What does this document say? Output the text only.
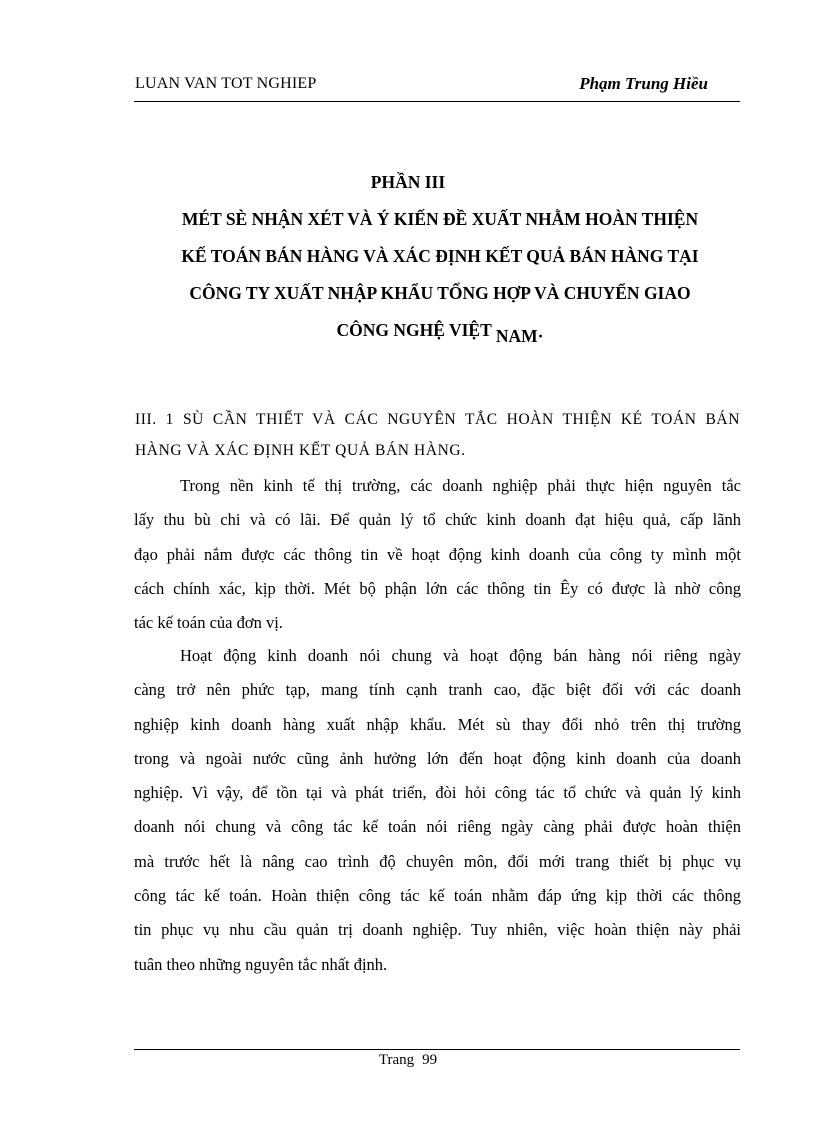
LUAN VAN TOT NGHIEP	Phạm Trung Hiều
PHẦN III
MÉT SÈ NHẬN XÉT VÀ Ý KIẾN ĐỀ XUẤT NHẰM HOÀN THIỆN
KẾ TOÁN BÁN HÀNG VÀ XÁC ĐỊNH KẾT QUẢ BÁN HÀNG TẠI
CÔNG TY XUẤT NHẬP KHẨU TỔNG HỢP VÀ CHUYỂN GIAO
CÔNG NGHỆ VIỆT NAM·
III. 1 SÙ CẦN THIẾT VÀ CÁC NGUYÊN TẮC HOÀN THIỆN KÉ TOÁN BÁN
HÀNG VÀ XÁC ĐỊNH KẾT QUẢ BÁN HÀNG.
Trong nền kinh tế thị trường, các doanh nghiệp phải thực hiện nguyên tắc
lấy thu bù chi và có lãi. Để quản lý tổ chức kinh doanh đạt hiệu quả, cấp lãnh
đạo phải nắm được các thông tin về hoạt động kinh doanh của công ty mình một
cách chính xác, kịp thời. Mét bộ phận lớn các thông tin Êy có được là nhờ công
tác kế toán của đơn vị.
Hoạt động kinh doanh nói chung và hoạt động bán hàng nói riêng ngày
càng trở nên phức tạp, mang tính cạnh tranh cao, đặc biệt đối với các doanh
nghiệp kinh doanh hàng xuất nhập khẩu. Mét sù thay đổi nhỏ trên thị trường
trong và ngoài nước cũng ảnh hưởng lớn đến hoạt động kinh doanh của doanh
nghiệp. Vì vậy, để tồn tại và phát triển, đòi hỏi công tác tổ chức và quản lý kinh
doanh nói chung và công tác kế toán nói riêng ngày càng phải được hoàn thiện
mà trước hết là nâng cao trình độ chuyên môn, đổi mới trang thiết bị phục vụ
công tác kế toán. Hoàn thiện công tác kế toán nhằm đáp ứng kịp thời các thông
tin phục vụ nhu cầu quản trị doanh nghiệp. Tuy nhiên, việc hoàn thiện này phải
tuân theo những nguyên tắc nhất định.
Trang 99
